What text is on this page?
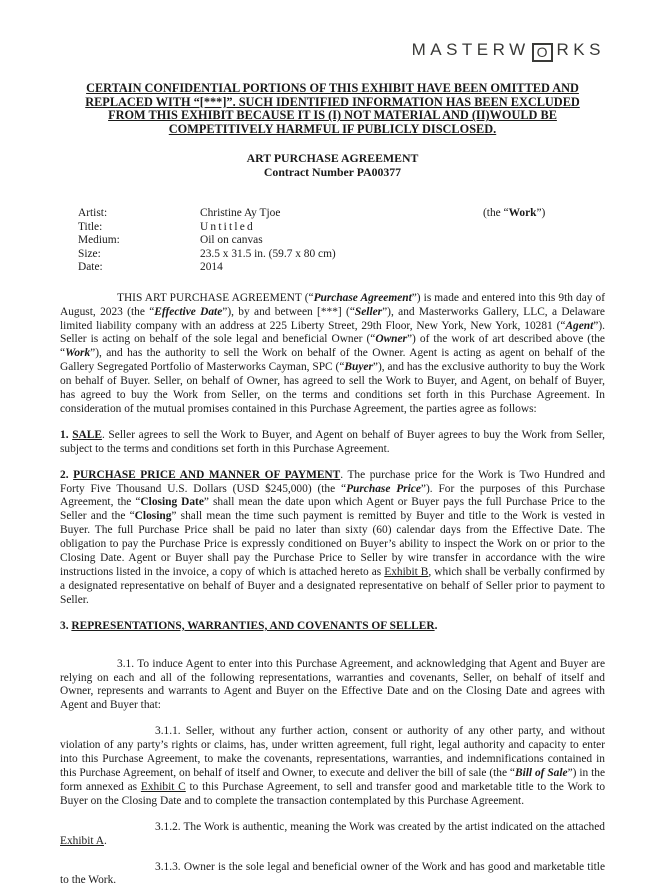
MASTERW O RKS
CERTAIN CONFIDENTIAL PORTIONS OF THIS EXHIBIT HAVE BEEN OMITTED AND REPLACED WITH “[***]”. SUCH IDENTIFIED INFORMATION HAS BEEN EXCLUDED FROM THIS EXHIBIT BECAUSE IT IS (I) NOT MATERIAL AND (II)WOULD BE COMPETITIVELY HARMFUL IF PUBLICLY DISCLOSED.
ART PURCHASE AGREEMENT
Contract Number PA00377
Artist:	Christine Ay Tjoe	(the “Work”)
Title:	Untitled
Medium:	Oil on canvas
Size:	23.5 x 31.5 in. (59.7 x 80 cm)
Date:	2014

THIS ART PURCHASE AGREEMENT (“Purchase Agreement”) is made and entered into this 9th day of August, 2023 (the “Effective Date”), by and between [***] (“Seller”), and Masterworks Gallery, LLC, a Delaware limited liability company with an address at 225 Liberty Street, 29th Floor, New York, New York, 10281 (“Agent”). Seller is acting on behalf of the sole legal and beneficial Owner (“Owner”) of the work of art described above (the “Work”), and has the authority to sell the Work on behalf of the Owner. Agent is acting as agent on behalf of the Gallery Segregated Portfolio of Masterworks Cayman, SPC (“Buyer”), and has the exclusive authority to buy the Work on behalf of Buyer. Seller, on behalf of Owner, has agreed to sell the Work to Buyer, and Agent, on behalf of Buyer, has agreed to buy the Work from Seller, on the terms and conditions set forth in this Purchase Agreement. In consideration of the mutual promises contained in this Purchase Agreement, the parties agree as follows:

1. SALE. Seller agrees to sell the Work to Buyer, and Agent on behalf of Buyer agrees to buy the Work from Seller, subject to the terms and conditions set forth in this Purchase Agreement.

2. PURCHASE PRICE AND MANNER OF PAYMENT. The purchase price for the Work is Two Hundred and Forty Five Thousand U.S. Dollars (USD $245,000) (the “Purchase Price”). For the purposes of this Purchase Agreement, the “Closing Date” shall mean the date upon which Agent or Buyer pays the full Purchase Price to the Seller and the “Closing” shall mean the time such payment is remitted by Buyer and title to the Work is vested in Buyer. The full Purchase Price shall be paid no later than sixty (60) calendar days from the Effective Date. The obligation to pay the Purchase Price is expressly conditioned on Buyer’s ability to inspect the Work on or prior to the Closing Date. Agent or Buyer shall pay the Purchase Price to Seller by wire transfer in accordance with the wire instructions listed in the invoice, a copy of which is attached hereto as Exhibit B, which shall be verbally confirmed by a designated representative on behalf of Buyer and a designated representative on behalf of Seller prior to payment to Seller.

3. REPRESENTATIONS, WARRANTIES, AND COVENANTS OF SELLER.

3.1. To induce Agent to enter into this Purchase Agreement, and acknowledging that Agent and Buyer are relying on each and all of the following representations, warranties and covenants, Seller, on behalf of itself and Owner, represents and warrants to Agent and Buyer on the Effective Date and on the Closing Date and agrees with Agent and Buyer that:

3.1.1. Seller, without any further action, consent or authority of any other party, and without violation of any party’s rights or claims, has, under written agreement, full right, legal authority and capacity to enter into this Purchase Agreement, to make the covenants, representations, warranties, and indemnifications contained in this Purchase Agreement, on behalf of itself and Owner, to execute and deliver the bill of sale (the “Bill of Sale”) in the form annexed as Exhibit C to this Purchase Agreement, to sell and transfer good and marketable title to the Work to Buyer on the Closing Date and to complete the transaction contemplated by this Purchase Agreement.

3.1.2. The Work is authentic, meaning the Work was created by the artist indicated on the attached Exhibit A.

3.1.3. Owner is the sole legal and beneficial owner of the Work and has good and marketable title to the Work.
